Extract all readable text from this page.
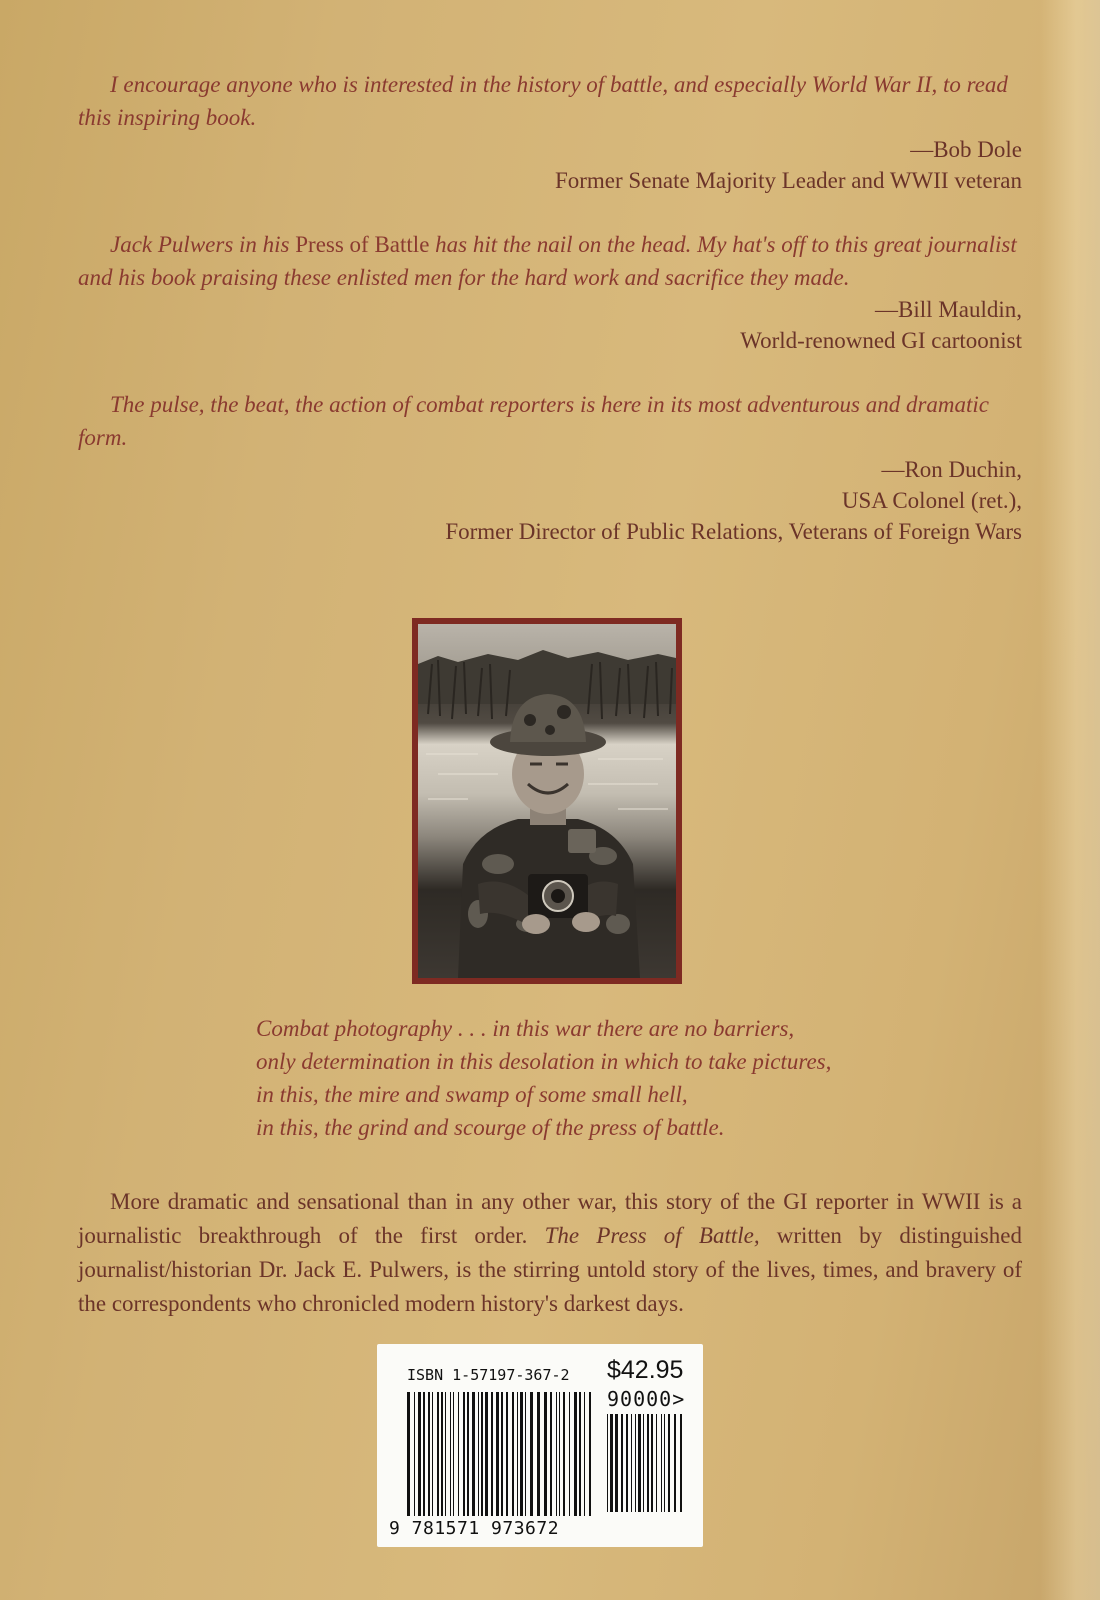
I encourage anyone who is interested in the history of battle, and especially World War II, to read this inspiring book.
—Bob Dole
Former Senate Majority Leader and WWII veteran
Jack Pulwers in his Press of Battle has hit the nail on the head. My hat's off to this great journalist and his book praising these enlisted men for the hard work and sacrifice they made.
—Bill Mauldin,
World-renowned GI cartoonist
The pulse, the beat, the action of combat reporters is here in its most adventurous and dramatic form.
—Ron Duchin,
USA Colonel (ret.),
Former Director of Public Relations, Veterans of Foreign Wars
Combat photography . . . in this war there are no barriers,
only determination in this desolation in which to take pictures,
in this, the mire and swamp of some small hell,
in this, the grind and scourge of the press of battle.
More dramatic and sensational than in any other war, this story of the GI reporter in WWII is a journalistic breakthrough of the first order. The Press of Battle, written by distinguished journalist/historian Dr. Jack E. Pulwers, is the stirring untold story of the lives, times, and bravery of the correspondents who chronicled modern history's darkest days.
ISBN 1-57197-367-2 $42.95
90000>
9 781571 973672
